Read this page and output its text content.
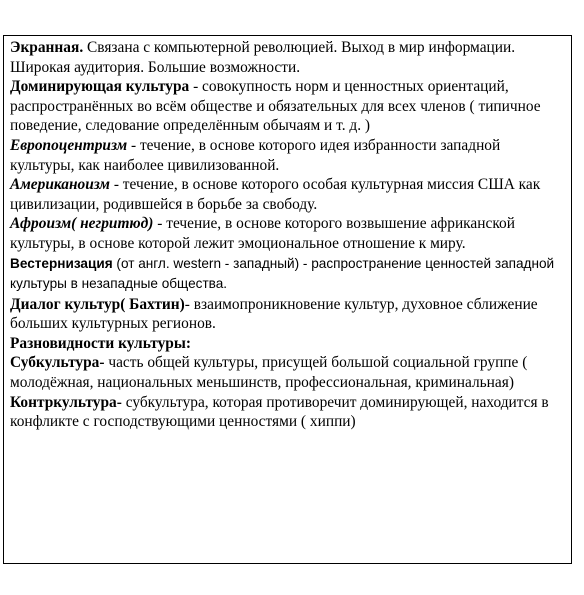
Экранная. Связана с компьютерной революцией. Выход в мир информации. Широкая аудитория. Большие возможности.

Доминирующая культура - совокупность норм и ценностных ориентаций, распространённых во всём обществе и обязательных для всех членов ( типичное поведение, следование определённым обычаям и т. д. )

Европоцентризм - течение, в основе которого идея избранности западной культуры, как наиболее цивилизованной.

Американоизм - течение, в основе которого особая культурная миссия США как цивилизации, родившейся в борьбе за свободу.

Афроизм( негритюд) - течение, в основе которого возвышение африканской культуры, в основе которой лежит эмоциональное отношение к миру.

Вестернизация (от англ. western - западный) - распространение ценностей западной культуры в незападные общества.

Диалог культур( Бахтин)- взаимопроникновение культур, духовное сближение больших культурных регионов.

Разновидности культуры:

Субкультура- часть общей культуры, присущей большой социальной группе ( молодёжная, национальных меньшинств, профессиональная, криминальная)

Контркультура- субкультура, которая противоречит доминирующей, находится в конфликте с господствующими ценностями ( хиппи)
